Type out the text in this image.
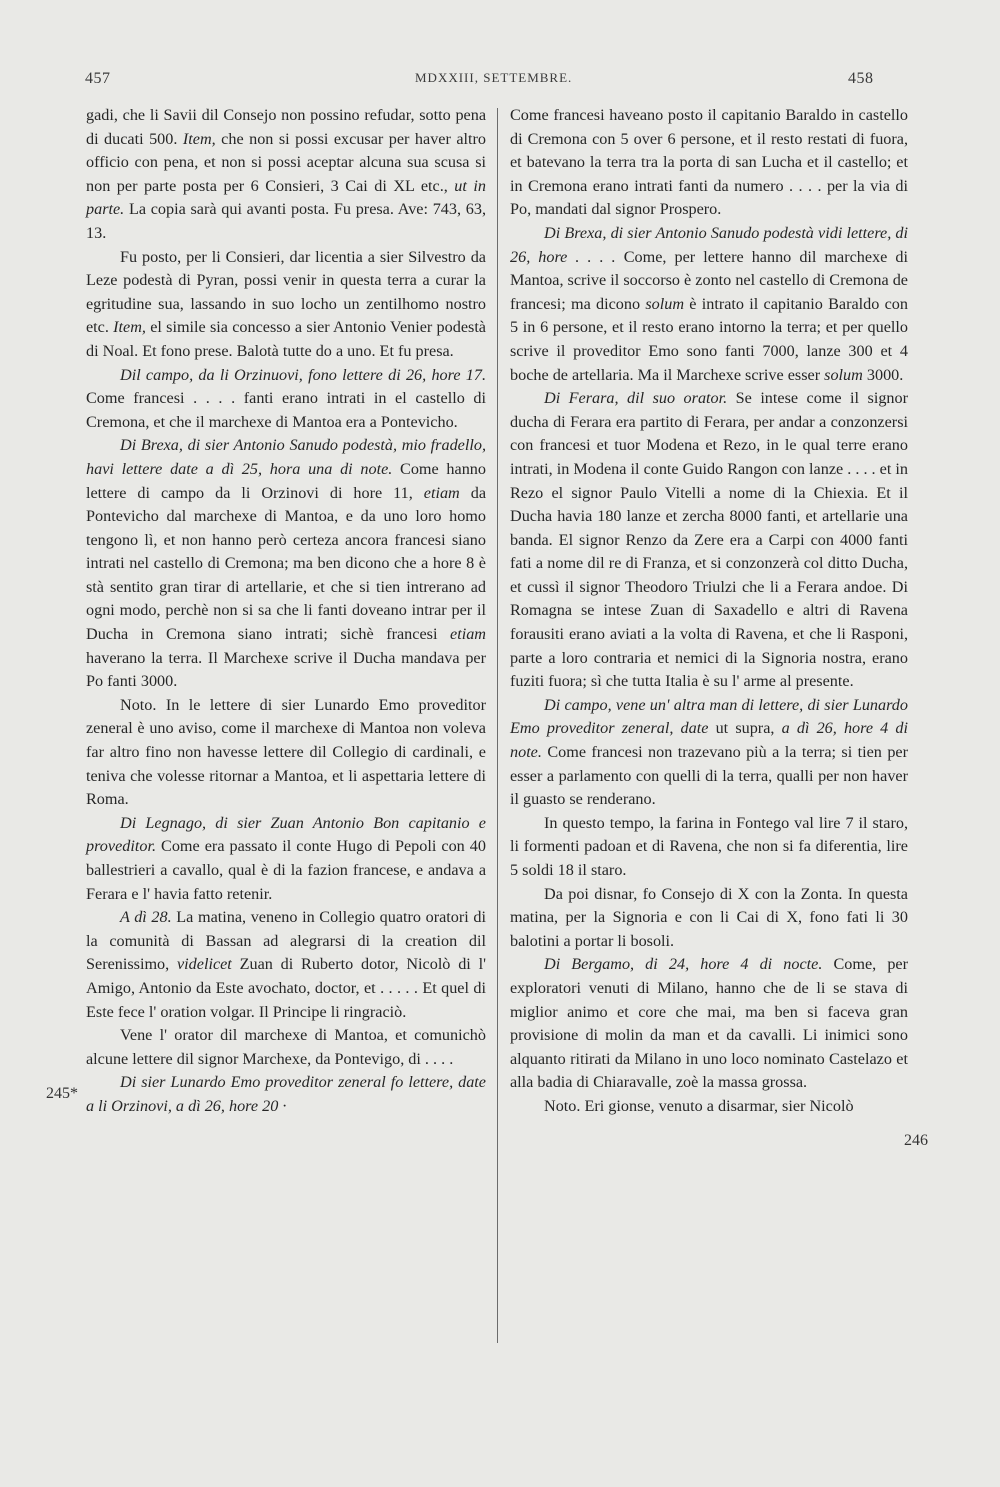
457	MDXXIII, SETTEMBRE.	458

gadi, che li Savii dil Consejo non possino refudar, sotto pena di ducati 500. Item, che non si possi excusar per haver altro officio con pena, et non si possi aceptar alcuna sua scusa si non per parte posta per 6 Consieri, 3 Cai di XL etc., ut in parte. La copia sarà qui avanti posta. Fu presa. Ave: 743, 63, 13.

Fu posto, per li Consieri, dar licentia a sier Silvestro da Leze podestà di Pyran, possi venir in questa terra a curar la egritudine sua, lassando in suo locho un zentilhomo nostro etc. Item, el simile sia concesso a sier Antonio Venier podestà di Noal. Et fono prese. Balotà tutte do a uno. Et fu presa.

Dil campo, da li Orzinuovi, fono lettere di 26, hore 17. Come francesi . . . . fanti erano intrati in el castello di Cremona, et che il marchexe di Mantoa era a Pontevicho.

Di Brexa, di sier Antonio Sanudo podestà, mio fradello, havi lettere date a dì 25, hora una di note. Come hanno lettere di campo da li Orzinovi di hore 11, etiam da Pontevicho dal marchexe di Mantoa, e da uno loro homo tengono lì, et non hanno però certeza ancora francesi siano intrati nel castello di Cremona; ma ben dicono che a hore 8 è stà sentito gran tirar di artellarie, et che si tien intrerano ad ogni modo, perchè non si sa che li fanti doveano intrar per il Ducha in Cremona siano intrati; sichè francesi etiam haverano la terra. Il Marchexe scrive il Ducha mandava per Po fanti 3000.

Noto. In le lettere di sier Lunardo Emo proveditor zeneral è uno aviso, come il marchexe di Mantoa non voleva far altro fino non havesse lettere dil Collegio di cardinali, e teniva che volesse ritornar a Mantoa, et li aspettaria lettere di Roma.

Di Legnago, di sier Zuan Antonio Bon capitanio e proveditor. Come era passato il conte Hugo di Pepoli con 40 ballestrieri a cavallo, qual è di la fazion francese, e andava a Ferara e l' havia fatto retenir.

A dì 28. La matina, veneno in Collegio quatro oratori di la comunità di Bassan ad alegrarsi di la creation dil Serenissimo, videlicet Zuan di Ruberto dotor, Nicolò di l' Amigo, Antonio da Este avochato, doctor, et . . . . . Et quel di Este fece l' oration volgar. Il Principe li ringraciò.

Vene l' orator dil marchexe di Mantoa, et comunichò alcune lettere dil signor Marchexe, da Pontevigo, di . . . .

Di sier Lunardo Emo proveditor zeneral fo lettere, date a li Orzinovi, a dì 26, hore 20 ·

Come francesi haveano posto il capitanio Baraldo in castello di Cremona con 5 over 6 persone, et il resto restati di fuora, et batevano la terra tra la porta di san Lucha et il castello; et in Cremona erano intrati fanti da numero . . . . per la via di Po, mandati dal signor Prospero.

Di Brexa, di sier Antonio Sanudo podestà vidi lettere, di 26, hore . . . . Come, per lettere hanno dil marchexe di Mantoa, scrive il soccorso è zonto nel castello di Cremona de francesi; ma dicono solum è intrato il capitanio Baraldo con 5 in 6 persone, et il resto erano intorno la terra; et per quello scrive il proveditor Emo sono fanti 7000, lanze 300 et 4 boche de artellaria. Ma il Marchexe scrive esser solum 3000.

Di Ferara, dil suo orator. Se intese come il signor ducha di Ferara era partito di Ferara, per andar a conzonzersi con francesi et tuor Modena et Rezo, in le qual terre erano intrati, in Modena il conte Guido Rangon con lanze . . . . et in Rezo el signor Paulo Vitelli a nome di la Chiexia. Et il Ducha havia 180 lanze et zercha 8000 fanti, et artellarie una banda. El signor Renzo da Zere era a Carpi con 4000 fanti fati a nome dil re di Franza, et si conzonzerà col ditto Ducha, et cussì il signor Theodoro Triulzi che li a Ferara andoe. Di Romagna se intese Zuan di Saxadello e altri di Ravena forausiti erano aviati a la volta di Ravena, et che li Rasponi, parte a loro contraria et nemici di la Signoria nostra, erano fuziti fuora; sì che tutta Italia è su l' arme al presente.

Di campo, vene un' altra man di lettere, di sier Lunardo Emo proveditor zeneral, date ut supra, a dì 26, hore 4 di note. Come francesi non trazevano più a la terra; si tien per esser a parlamento con quelli di la terra, qualli per non haver il guasto se renderano.

In questo tempo, la farina in Fontego val lire 7 il staro, li formenti padoan et di Ravena, che non si fa diferentia, lire 5 soldi 18 il staro.

Da poi disnar, fo Consejo di X con la Zonta. In questa matina, per la Signoria e con li Cai di X, fono fati li 30 balotini a portar li bosoli.

Di Bergamo, di 24, hore 4 di nocte. Come, per exploratori venuti di Milano, hanno che de li se stava di miglior animo et core che mai, ma ben si faceva gran provisione di molin da man et da cavalli. Li inimici sono alquanto ritirati da Milano in uno loco nominato Castelazo et alla badia di Chiaravalle, zoè la massa grossa.

Noto. Eri gionse, venuto a disarmar, sier Nicolò

245*
246
